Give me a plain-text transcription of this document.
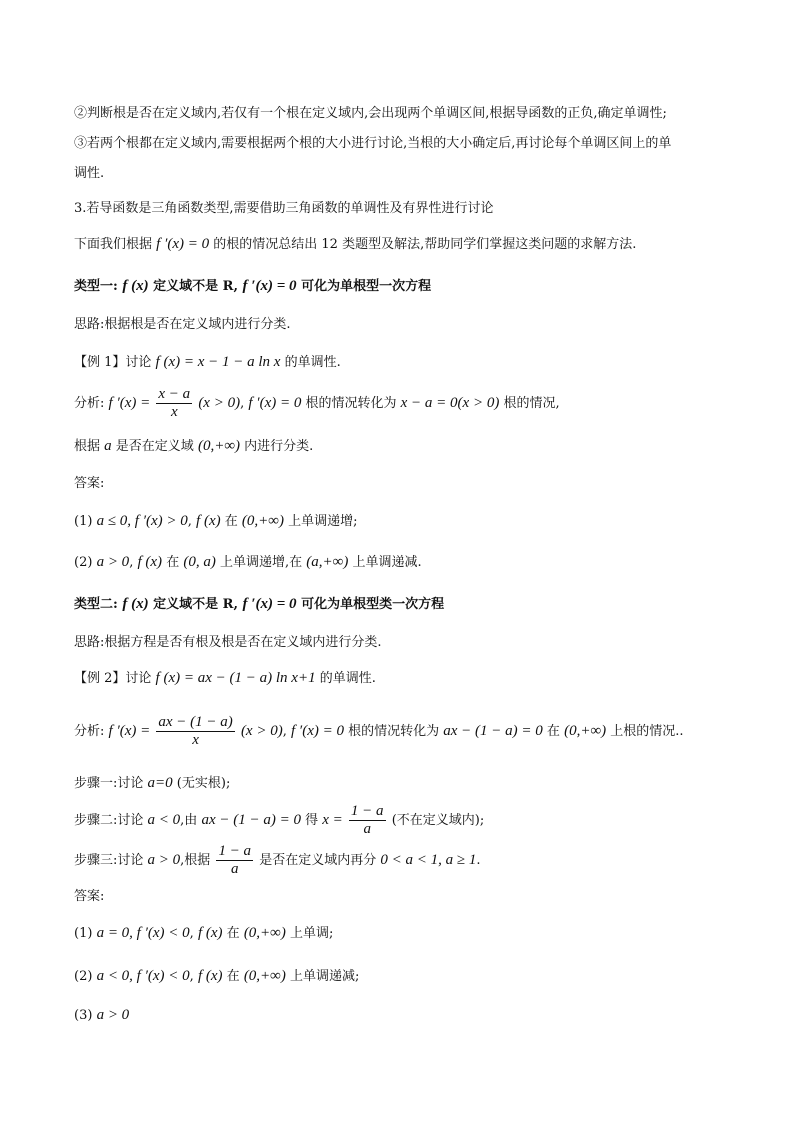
②判断根是否在定义域内,若仅有一个根在定义域内,会出现两个单调区间,根据导函数的正负,确定单调性;
③若两个根都在定义域内,需要根据两个根的大小进行讨论,当根的大小确定后,再讨论每个单调区间上的单
调性.
3.若导函数是三角函数类型,需要借助三角函数的单调性及有界性进行讨论
下面我们根据 f ′(x) = 0 的根的情况总结出 12 类题型及解法,帮助同学们掌握这类问题的求解方法.
类型一: f (x) 定义域不是 R, f ′(x) = 0 可化为单根型一次方程
思路:根据根是否在定义域内进行分类.
【例 1】讨论 f (x) = x − 1 − a ln x 的单调性.
分析: f $'(x) = \frac{x - a}{x} (x > 0)$, f ′(x) = 0 根的情况转化为 x − a = 0(x > 0) 根的情况,
根据 a 是否在定义域 (0,+∞) 内进行分类.
答案:
(1) a ≤ 0, f ′(x) > 0, f (x) 在 (0,+∞) 上单调递增;
(2) a > 0, f (x) 在 (0, a) 上单调递增,在 (a,+∞) 上单调递减.
类型二: f (x) 定义域不是 R, f ′(x) = 0 可化为单根型类一次方程
思路:根据方程是否有根及根是否在定义域内进行分类.
【例 2】讨论 f (x) = ax − (1 − a) ln x+1 的单调性.
分析: f $'(x) = \frac{ax - (1 - a)}{x} (x > 0)$, f ′(x) = 0 根的情况转化为 ax − (1 − a) = 0 在 (0,+∞) 上根的情况..
步骤一:讨论 a=0 (无实根);
步骤二:讨论 a < 0,由 ax − (1 − a) = 0 得 $x = \frac{1 - a}{a}$ (不在定义域内);
步骤三:讨论 a > 0,根据 $\frac{1 - a}{a}$ 是否在定义域内再分 0 < a < 1, a ≥ 1.
答案:
(1) a = 0, f ′(x) < 0, f (x) 在 (0,+∞) 上单调;
(2) a < 0, f ′(x) < 0, f (x) 在 (0,+∞) 上单调递减;
(3) a > 0
